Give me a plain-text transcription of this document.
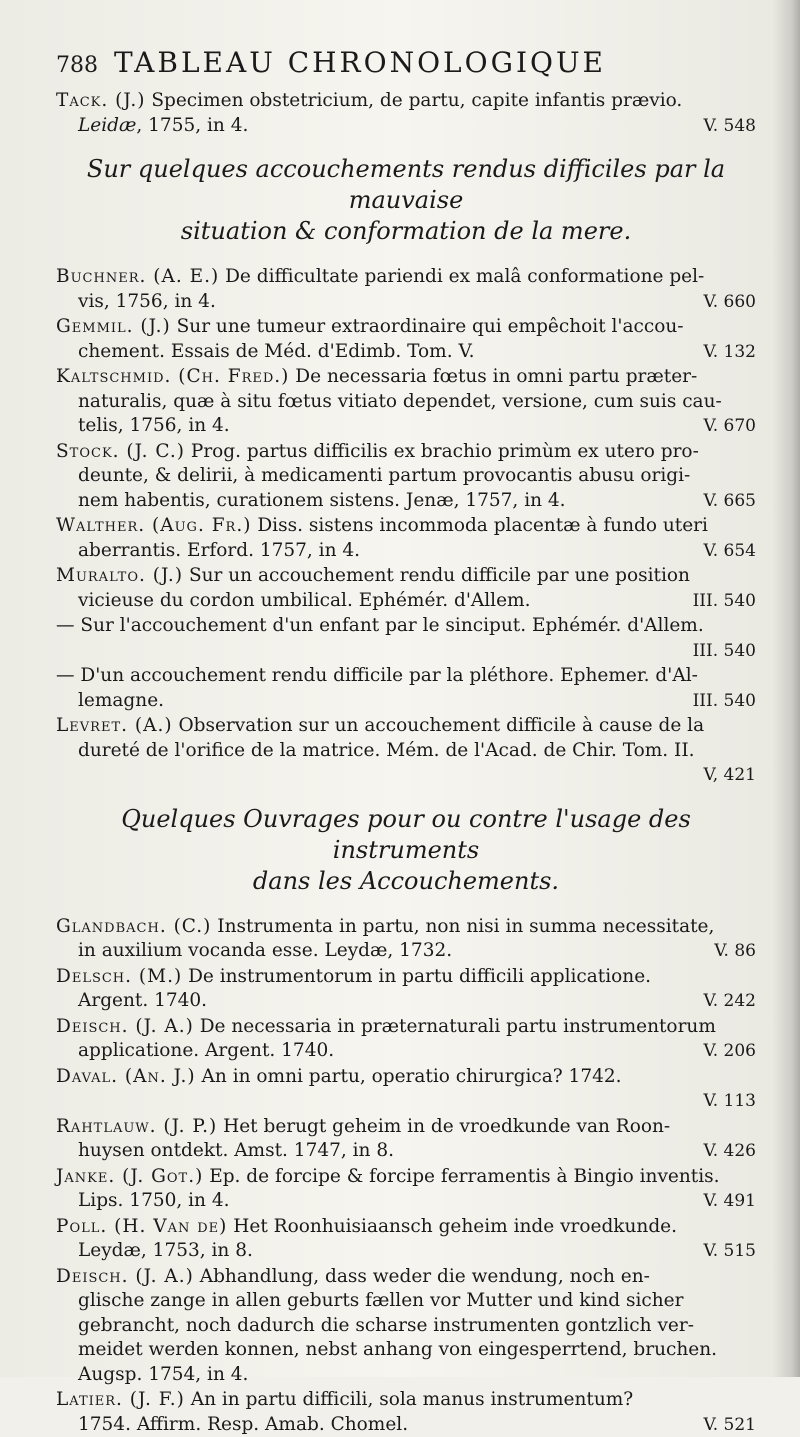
788 TABLEAU CHRONOLOGIQUE
Tack. (J.) Specimen obstetricium, de partu, capite infantis prævio.
Leidæ, 1755, in 4.	V. 548
Sur quelques accouchements rendus difficiles par la mauvaise
situation & conformation de la mere.
Buchner. (A. E.) De difficultate pariendi ex malâ conformatione pel-
vis, 1756, in 4.	V. 660
Gemmil. (J.) Sur une tumeur extraordinaire qui empêchoit l'accou-
chement. Essais de Méd. d'Edimb. Tom. V.	V. 132
Kaltschmid. (Ch. Fred.) De necessaria fœtus in omni partu præter-
naturalis, quæ à situ fœtus vitiato dependet, versione, cum suis cau-
telis, 1756, in 4.	V. 670
Stock. (J. C.) Prog. partus difficilis ex brachio primùm ex utero pro-
deunte, & delirii, à medicamenti partum provocantis abusu origi-
nem habentis, curationem sistens. Jenæ, 1757, in 4.	V. 665
Walther. (Aug. Fr.) Diss. sistens incommoda placentæ à fundo uteri
aberrantis. Erford. 1757, in 4.	V. 654
Muralto. (J.) Sur un accouchement rendu difficile par une position
vicieuse du cordon umbilical. Ephémér. d'Allem.	III. 540
— Sur l'accouchement d'un enfant par le sinciput. Ephémér. d'Allem.
III. 540
— D'un accouchement rendu difficile par la pléthore. Ephemer. d'Al-
lemagne.	III. 540
Levret. (A.) Observation sur un accouchement difficile à cause de la
dureté de l'orifice de la matrice. Mém. de l'Acad. de Chir. Tom. II.
V, 421
Quelques Ouvrages pour ou contre l'usage des instruments
dans les Accouchements.
Glandbach. (C.) Instrumenta in partu, non nisi in summa necessitate,
in auxilium vocanda esse. Leydæ, 1732.	V. 86
Delsch. (M.) De instrumentorum in partu difficili applicatione.
Argent. 1740.	V. 242
Deisch. (J. A.) De necessaria in præternaturali partu instrumentorum
applicatione. Argent. 1740.	V. 206
Daval. (An. J.) An in omni partu, operatio chirurgica? 1742.
V. 113
Rahtlauw. (J. P.) Het berugt geheim in de vroedkunde van Roon-
huysen ontdekt. Amst. 1747, in 8.	V. 426
Janke. (J. Got.) Ep. de forcipe & forcipe ferramentis à Bingio inventis.
Lips. 1750, in 4.	V. 491
Poll. (H. Van de) Het Roonhuisiaansch geheim inde vroedkunde.
Leydæ, 1753, in 8.	V. 515
Deisch. (J. A.) Abhandlung, dass weder die wendung, noch en-
glische zange in allen geburts fællen vor Mutter und kind sicher
gebrancht, noch dadurch die scharse instrumenten gontzlich ver-
meidet werden konnen, nebst anhang von eingesperrtend, bruchen.
Augsp. 1754, in 4.
Latier. (J. F.) An in partu difficili, sola manus instrumentum?
1754. Affirm. Resp. Amab. Chomel.	V. 521
